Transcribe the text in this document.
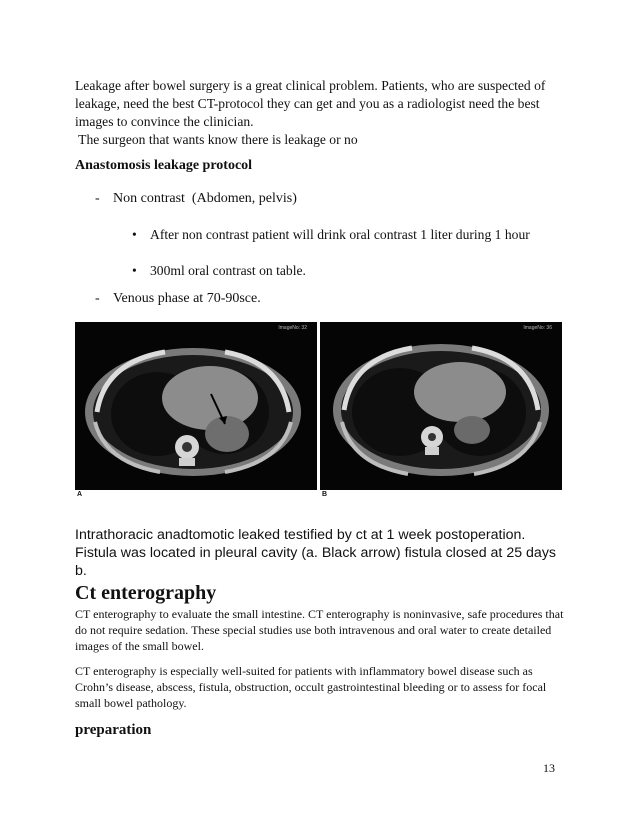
Leakage after bowel surgery is a great clinical problem. Patients, who are suspected of leakage, need the best CT-protocol they can get and you as a radiologist need the best images to convince the clinician.
The surgeon that wants know there is leakage or no
Anastomosis leakage protocol
- Non contrast  (Abdomen, pelvis)
• After non contrast patient will drink oral contrast 1 liter during 1 hour
• 300ml oral contrast on table.
- Venous phase at 70-90sce.
ImageNo: 32	ImageNo: 36
A	B
Intrathoracic anadtomotic leaked testified by ct at 1 week postoperation. Fistula was located in pleural cavity (a. Black arrow) fistula closed at 25 days b.
Ct enterography
CT enterography to evaluate the small intestine. CT enterography is noninvasive, safe procedures that do not require sedation. These special studies use both intravenous and oral water to create detailed images of the small bowel.
CT enterography is especially well-suited for patients with inflammatory bowel disease such as Crohn’s disease, abscess, fistula, obstruction, occult gastrointestinal bleeding or to assess for focal small bowel pathology.
preparation
13
